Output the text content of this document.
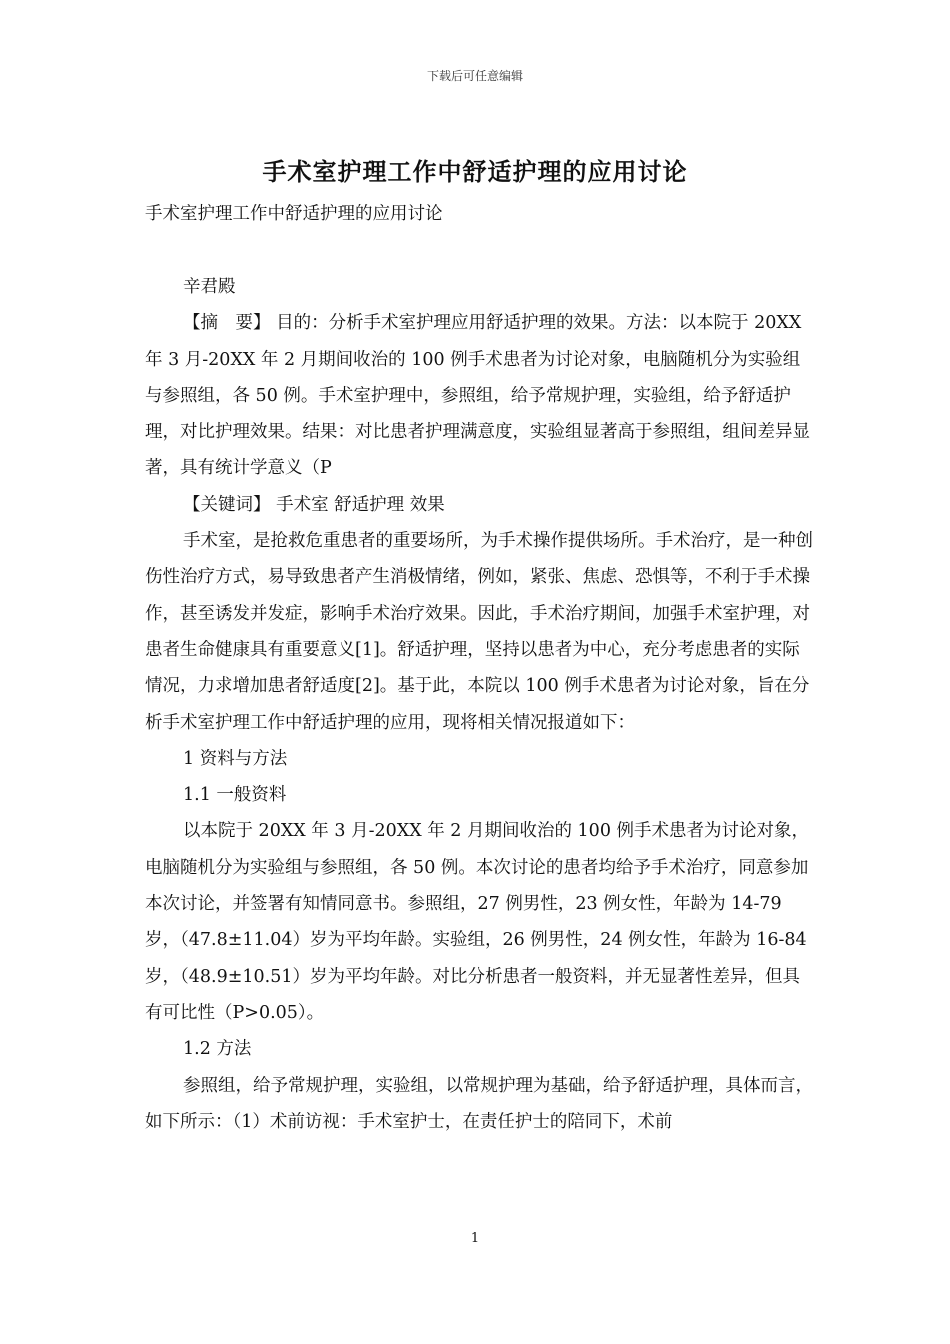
下载后可任意编辑
手术室护理工作中舒适护理的应用讨论
手术室护理工作中舒适护理的应用讨论

辛君殿

【摘　要】 目的：分析手术室护理应用舒适护理的效果。方法：以本院于 20XX 年 3 月-20XX 年 2 月期间收治的 100 例手术患者为讨论对象，电脑随机分为实验组与参照组，各 50 例。手术室护理中，参照组，给予常规护理，实验组，给予舒适护理，对比护理效果。结果：对比患者护理满意度，实验组显著高于参照组，组间差异显著，具有统计学意义（P

【关键词】 手术室 舒适护理 效果

手术室，是抢救危重患者的重要场所，为手术操作提供场所。手术治疗，是一种创伤性治疗方式，易导致患者产生消极情绪，例如，紧张、焦虑、恐惧等，不利于手术操作，甚至诱发并发症，影响手术治疗效果。因此，手术治疗期间，加强手术室护理，对患者生命健康具有重要意义[1]。舒适护理，坚持以患者为中心，充分考虑患者的实际情况，力求增加患者舒适度[2]。基于此，本院以 100 例手术患者为讨论对象，旨在分析手术室护理工作中舒适护理的应用，现将相关情况报道如下：

1 资料与方法

1.1 一般资料

以本院于 20XX 年 3 月-20XX 年 2 月期间收治的 100 例手术患者为讨论对象，电脑随机分为实验组与参照组，各 50 例。本次讨论的患者均给予手术治疗，同意参加本次讨论，并签署有知情同意书。参照组，27 例男性，23 例女性，年龄为 14-79 岁，（47.8±11.04）岁为平均年龄。实验组，26 例男性，24 例女性，年龄为 16-84 岁，（48.9±10.51）岁为平均年龄。对比分析患者一般资料，并无显著性差异，但具有可比性（P>0.05）。

1.2 方法

参照组，给予常规护理，实验组，以常规护理为基础，给予舒适护理，具体而言，如下所示：（1）术前访视：手术室护士，在责任护士的陪同下，术前

1
